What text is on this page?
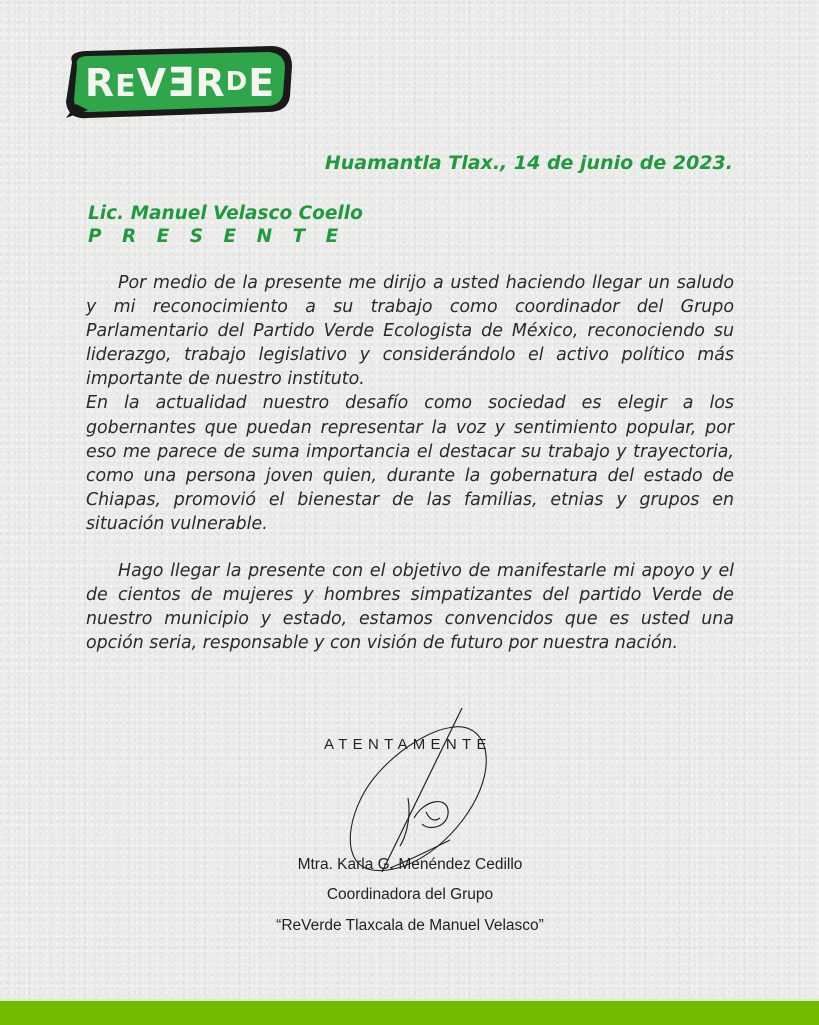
REVƎRDE
Huamantla Tlax., 14 de junio de 2023.
Lic. Manuel Velasco Coello
P R E S E N T E

Por medio de la presente me dirijo a usted haciendo llegar un saludo y mi reconocimiento a su trabajo como coordinador del Grupo Parlamentario del Partido Verde Ecologista de México, reconociendo su liderazgo, trabajo legislativo y considerándolo el activo político más importante de nuestro instituto.

En la actualidad nuestro desafío como sociedad es elegir a los gobernantes que puedan representar la voz y sentimiento popular, por eso me parece de suma importancia el destacar su trabajo y trayectoria, como una persona joven quien, durante la gobernatura del estado de Chiapas, promovió el bienestar de las familias, etnias y grupos en situación vulnerable.

Hago llegar la presente con el objetivo de manifestarle mi apoyo y el de cientos de mujeres y hombres simpatizantes del partido Verde de nuestro municipio y estado, estamos convencidos que es usted una opción seria, responsable y con visión de futuro por nuestra nación.

ATENTAMENTE
Mtra. Karla G. Menéndez Cedillo
Coordinadora del Grupo
“ReVerde Tlaxcala de Manuel Velasco”
